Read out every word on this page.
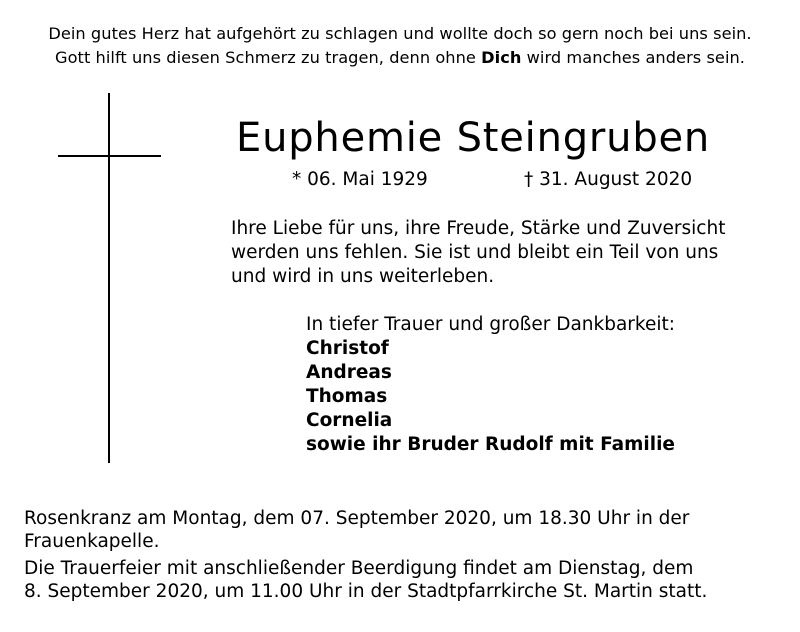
Dein gutes Herz hat aufgehört zu schlagen und wollte doch so gern noch bei uns sein.
Gott hilft uns diesen Schmerz zu tragen, denn ohne Dich wird manches anders sein.
Euphemie Steingruben
* 06. Mai 1929	† 31. August 2020
Ihre Liebe für uns, ihre Freude, Stärke und Zuversicht
werden uns fehlen. Sie ist und bleibt ein Teil von uns
und wird in uns weiterleben.
In tiefer Trauer und großer Dankbarkeit:
Christof
Andreas
Thomas
Cornelia
sowie ihr Bruder Rudolf mit Familie
Rosenkranz am Montag, dem 07. September 2020, um 18.30 Uhr in der
Frauenkapelle.
Die Trauerfeier mit anschließender Beerdigung findet am Dienstag, dem
8. September 2020, um 11.00 Uhr in der Stadtpfarrkirche St. Martin statt.
